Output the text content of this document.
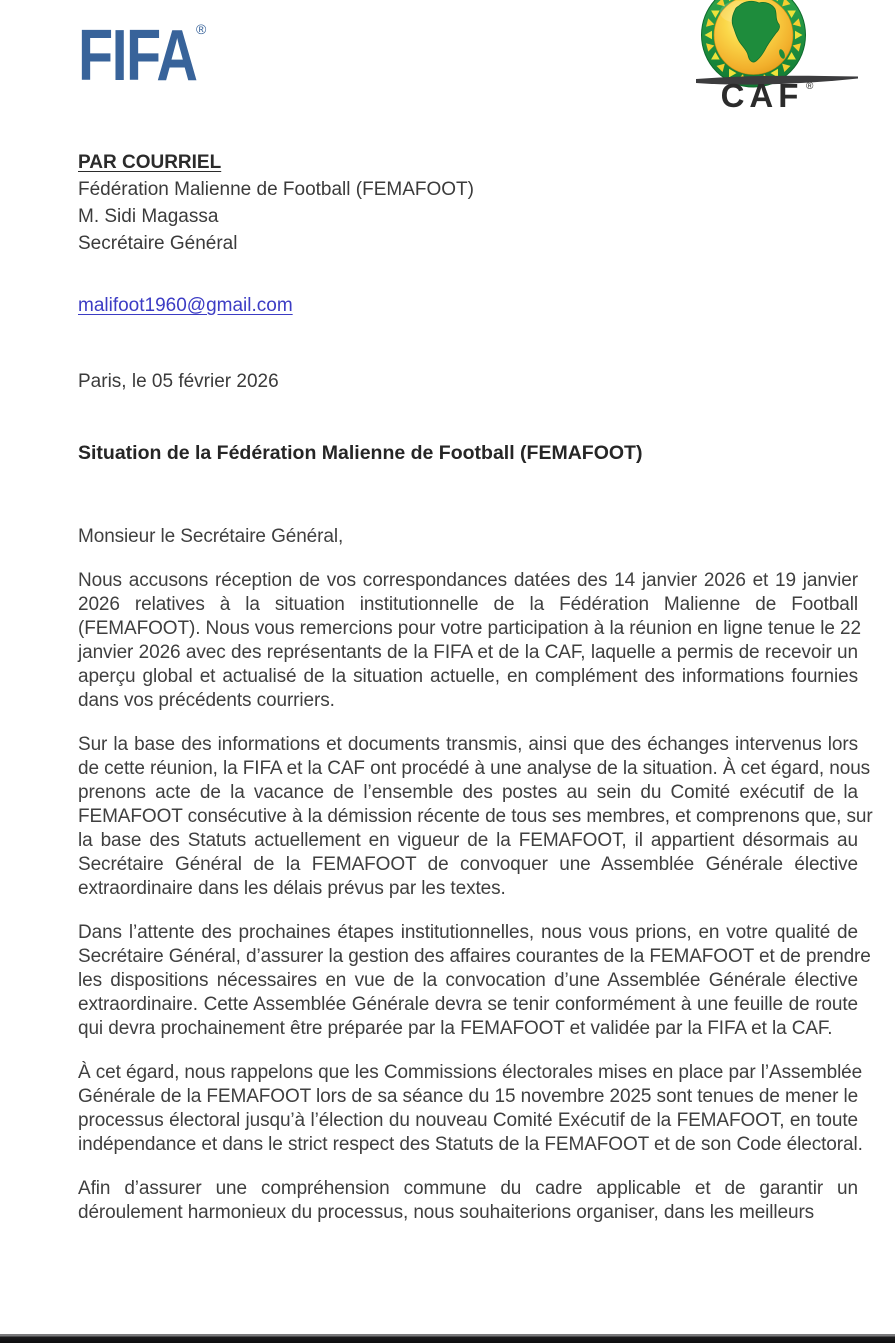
FIFA ®
CAF ®
PAR COURRIEL
Fédération Malienne de Football (FEMAFOOT)
M. Sidi Magassa
Secrétaire Général
malifoot1960@gmail.com
Paris, le 05 février 2026
Situation de la Fédération Malienne de Football (FEMAFOOT)
Monsieur le Secrétaire Général,
Nous accusons réception de vos correspondances datées des 14 janvier 2026 et 19 janvier
2026 relatives à la situation institutionnelle de la Fédération Malienne de Football
(FEMAFOOT). Nous vous remercions pour votre participation à la réunion en ligne tenue le 22
janvier 2026 avec des représentants de la FIFA et de la CAF, laquelle a permis de recevoir un
aperçu global et actualisé de la situation actuelle, en complément des informations fournies
dans vos précédents courriers.
Sur la base des informations et documents transmis, ainsi que des échanges intervenus lors
de cette réunion, la FIFA et la CAF ont procédé à une analyse de la situation. À cet égard, nous
prenons acte de la vacance de l’ensemble des postes au sein du Comité exécutif de la
FEMAFOOT consécutive à la démission récente de tous ses membres, et comprenons que, sur
la base des Statuts actuellement en vigueur de la FEMAFOOT, il appartient désormais au
Secrétaire Général de la FEMAFOOT de convoquer une Assemblée Générale élective
extraordinaire dans les délais prévus par les textes.
Dans l’attente des prochaines étapes institutionnelles, nous vous prions, en votre qualité de
Secrétaire Général, d’assurer la gestion des affaires courantes de la FEMAFOOT et de prendre
les dispositions nécessaires en vue de la convocation d’une Assemblée Générale élective
extraordinaire. Cette Assemblée Générale devra se tenir conformément à une feuille de route
qui devra prochainement être préparée par la FEMAFOOT et validée par la FIFA et la CAF.
À cet égard, nous rappelons que les Commissions électorales mises en place par l’Assemblée
Générale de la FEMAFOOT lors de sa séance du 15 novembre 2025 sont tenues de mener le
processus électoral jusqu’à l’élection du nouveau Comité Exécutif de la FEMAFOOT, en toute
indépendance et dans le strict respect des Statuts de la FEMAFOOT et de son Code électoral.
Afin d’assurer une compréhension commune du cadre applicable et de garantir un
déroulement harmonieux du processus, nous souhaiterions organiser, dans les meilleurs
